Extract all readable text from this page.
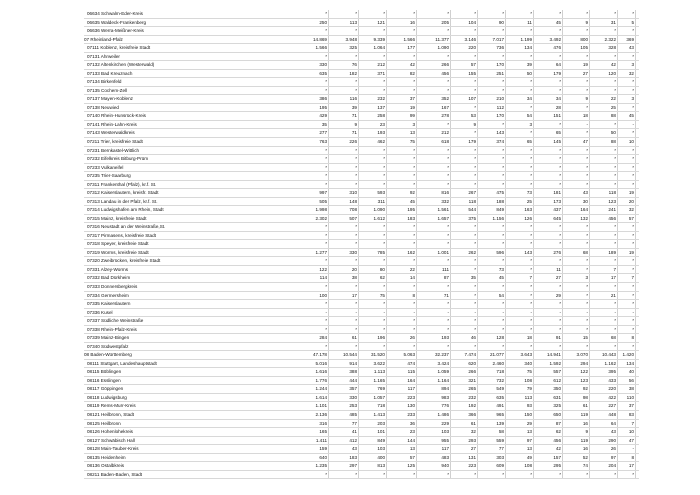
06634 Schwalm-Eder-Kreis	*	*	*	*	*	*	*	*	*	*	*	*
06635 Waldeck-Frankenberg	250	113	121	16	205	104	90	11	45	9	31	5
06636 Werra-Meißner-Kreis	*	*	*	*	*	*	*	*	*	*	*	*
07 Rheinland-Pfalz	14.869	3.948	9.339	1.566	11.377	3.146	7.017	1.199	3.492	800	2.322	369
07111 Koblenz, kreisfreie Stadt	1.566	325	1.064	177	1.090	220	736	134	476	105	328	43
07131 Ahrweiler	*	*	*	*	*	*	*	*	*	*	*	*
07132 Altenkirchen (Westerwald)	330	76	212	42	266	57	170	39	64	19	42	3
07133 Bad Kreuznach	635	182	371	82	456	155	251	50	179	27	120	32
07134 Birkenfeld	*	*	*	*	*	*	*	*	*	*	*	*
07135 Cochem-Zell	*	*	*	*	*	*	*	*	*	*	*	*
07137 Mayen-Koblenz	386	116	232	37	352	107	210	34	34	9	22	3
07138 Neuwied	195	39	137	19	167	*	112	*	28	*	25	*
07140 Rhein-Hunsrück-Kreis	429	71	258	99	278	53	170	54	151	18	88	45
07141 Rhein-Lahn-Kreis	35	9	23	3	*	9	*	3	*	-	*	-
07143 Westerwaldkreis	277	71	193	13	212	*	143	*	65	*	50	*
07211 Trier, kreisfreie Stadt	763	226	462	75	618	179	374	65	145	47	88	10
07231 Bernkastel-Wittlich	*	*	*	*	*	*	*	*	*	*	*	*
07232 Eifelkreis Bitburg-Prüm	*	*	*	*	*	*	*	*	*	*	*	*
07233 Vulkaneifel	*	*	*	*	*	*	*	*	*	*	*	*
07235 Trier-Saarburg	*	*	*	*	*	*	*	*	*	*	*	*
07311 Frankenthal (Pfalz), kr.f. St.	*	*	*	*	*	*	*	*	*	*	*	*
07312 Kaiserslautern, kreisfr. Stadt	997	310	593	92	816	267	475	73	181	43	118	19
07313 Landau in der Pfalz, kr.f. St.	505	148	311	45	332	118	188	25	173	30	123	20
07314 Ludwigshafen am Rhein, Stadt	1.998	708	1.090	195	1.561	544	849	163	437	164	241	32
07315 Mainz, kreisfreie Stadt	2.302	507	1.612	183	1.657	375	1.156	126	645	132	456	57
07316 Neustadt an der Weinstraße,St.	*	*	*	*	*	*	*	*	*	*	*	*
07317 Pirmasens, kreisfreie Stadt	*	*	*	*	*	*	*	*	*	*	*	*
07318 Speyer, kreisfreie Stadt	*	*	*	*	*	*	*	*	*	*	*	*
07319 Worms, kreisfreie Stadt	1.277	330	785	162	1.001	262	596	143	276	68	189	19
07320 Zweibrücken, kreisfreie Stadt	*	*	*	*	*	*	*	*	*	*	*	*
07331 Alzey-Worms	122	20	80	22	111	*	73	*	11	*	7	*
07332 Bad Dürkheim	114	38	62	14	87	35	45	7	27	3	17	7
07333 Donnersbergkreis	*	*	*	*	*	*	*	*	*	*	*	*
07334 Germersheim	100	17	75	8	71	*	54	*	29	*	21	*
07335 Kaiserslautern	*	*	*	*	*	*	*	*	*	*	*	*
07336 Kusel	-	-	-	-	-	-	-	-	-	-	-	-
07337 Südliche Weinstraße	*	*	*	*	*	*	*	*	*	*	*	*
07338 Rhein-Pfalz-Kreis	*	*	*	*	*	*	*	*	*	*	*	*
07339 Mainz-Bingen	284	61	196	26	193	46	128	18	91	15	68	8
07340 Südwestpfalz	*	*	*	*	*	*	*	*	*	*	*	*
08 Baden-Württemberg	47.178	10.544	31.520	5.063	32.237	7.474	21.077	3.643	14.941	3.070	10.443	1.420
08111 Stuttgart, Landeshauptstadt	5.016	914	3.622	474	3.424	620	2.460	340	1.592	294	1.162	134
08115 Böblingen	1.616	388	1.113	115	1.059	266	718	75	557	122	395	40
08116 Esslingen	1.776	444	1.165	164	1.164	321	732	108	612	123	433	56
08117 Göppingen	1.244	357	769	117	894	265	549	79	350	92	220	38
08118 Ludwigsburg	1.614	330	1.057	223	983	232	635	113	631	98	422	110
08119 Rems-Murr-Kreis	1.101	253	718	130	776	192	491	93	325	61	227	37
08121 Heilbronn, Stadt	2.136	485	1.413	233	1.486	366	965	150	650	119	448	83
08125 Heilbronn	316	77	203	36	229	61	139	29	87	16	64	7
08126 Hohenlohekreis	165	41	101	23	103	32	58	13	62	9	43	10
08127 Schwäbisch Hall	1.411	412	849	144	955	293	559	97	456	119	290	47
08128 Main-Tauber-Kreis	159	43	103	13	117	27	77	13	42	16	26	-
08135 Heidenheim	640	183	400	57	483	131	303	49	157	52	97	8
08136 Ostalbkreis	1.235	297	813	125	940	223	609	108	295	74	204	17
08211 Baden-Baden, Stadt	*	*	*	*	*	*	*	*	*	*	*	*
